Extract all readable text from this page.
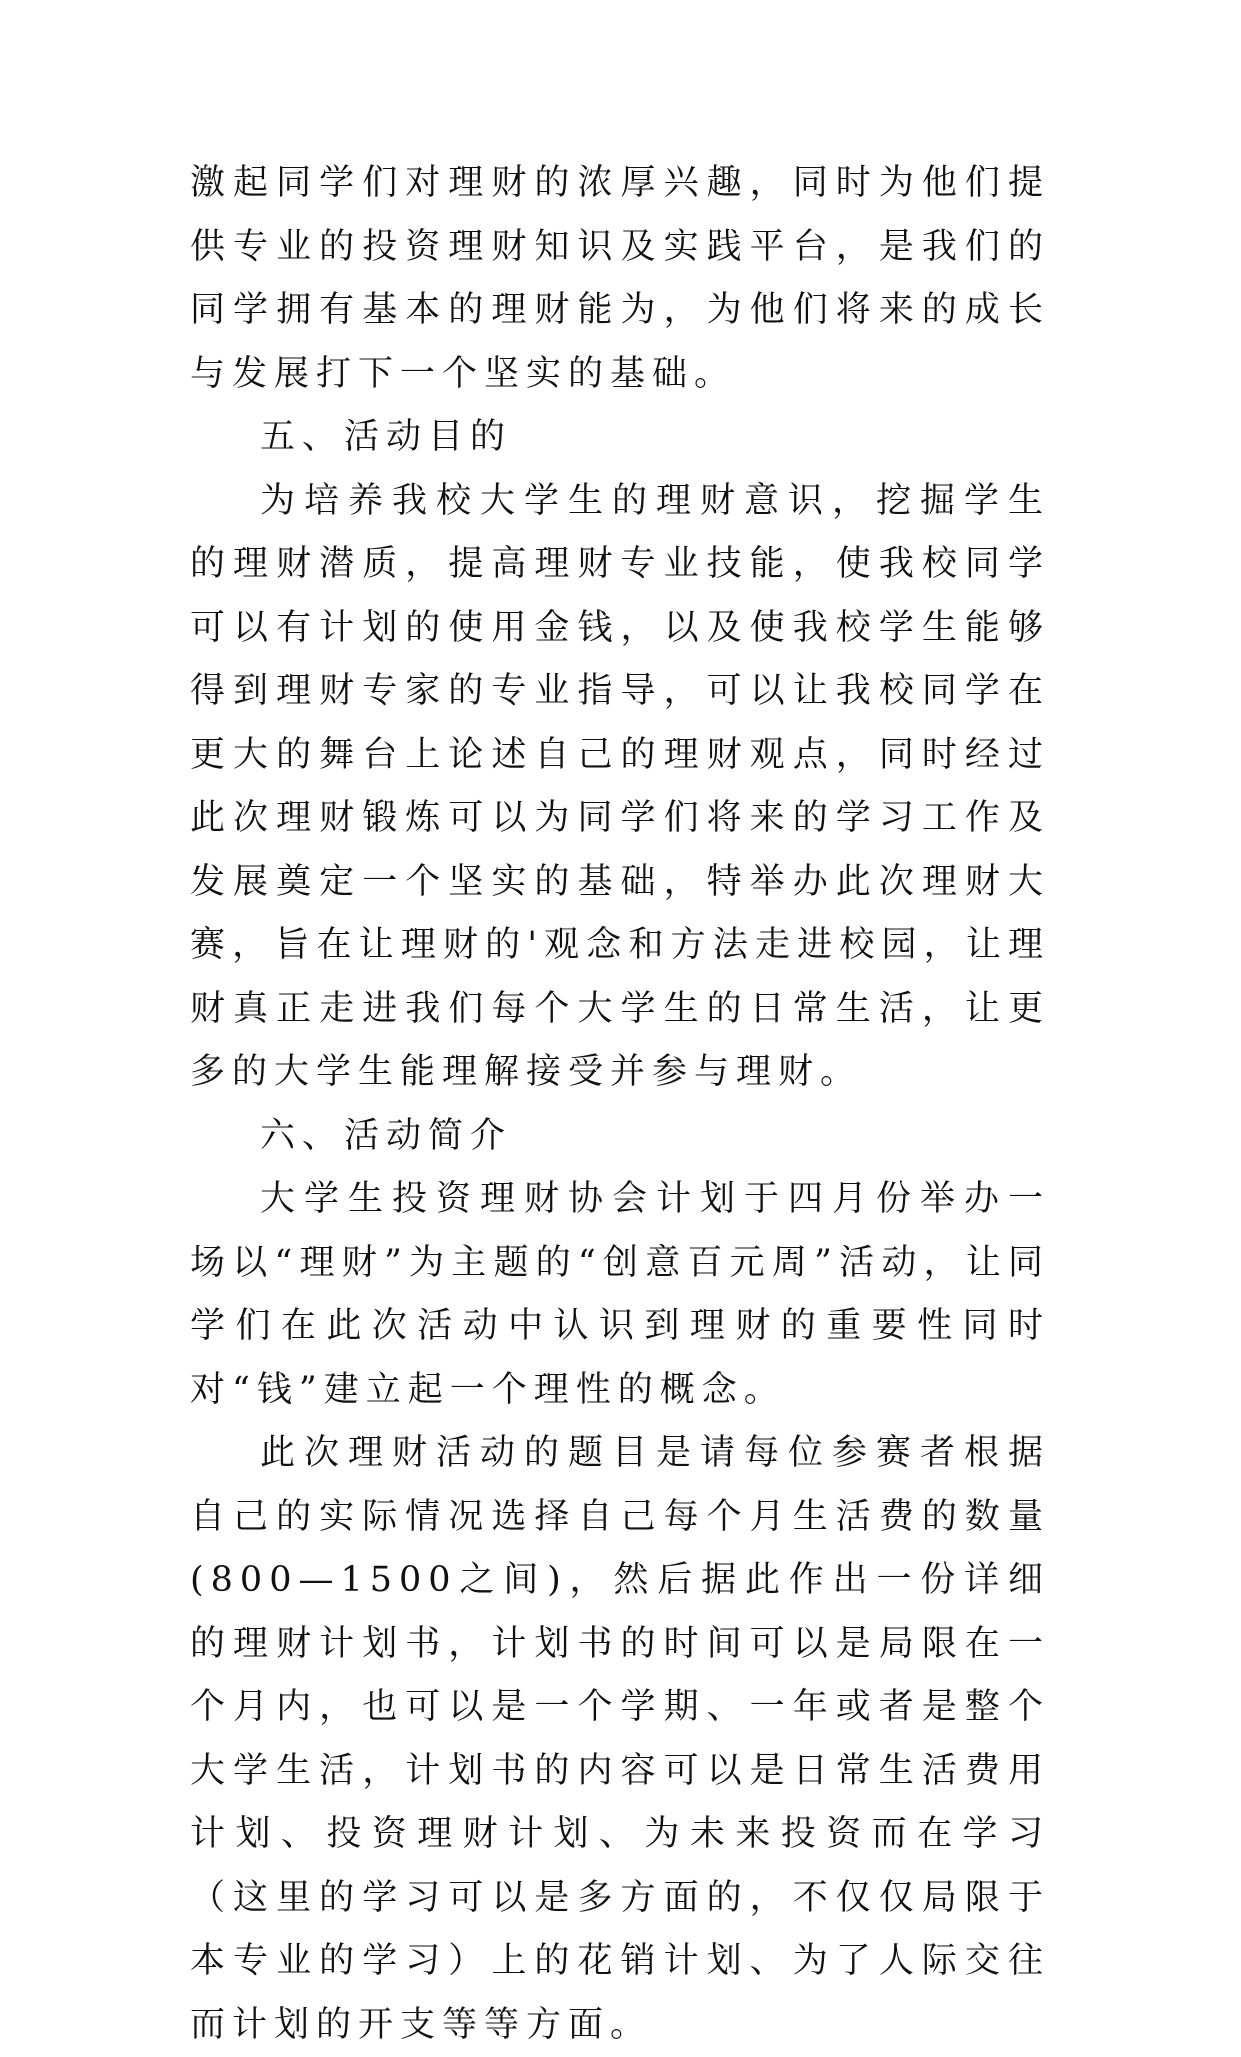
激起同学们对理财的浓厚兴趣，同时为他们提供专业的投资理财知识及实践平台，是我们的同学拥有基本的理财能为，为他们将来的成长与发展打下一个坚实的基础。

五、活动目的

为培养我校大学生的理财意识，挖掘学生的理财潜质，提高理财专业技能，使我校同学可以有计划的使用金钱，以及使我校学生能够得到理财专家的专业指导，可以让我校同学在更大的舞台上论述自己的理财观点，同时经过此次理财锻炼可以为同学们将来的学习工作及发展奠定一个坚实的基础，特举办此次理财大赛，旨在让理财的'观念和方法走进校园，让理财真正走进我们每个大学生的日常生活，让更多的大学生能理解接受并参与理财。

六、活动简介

大学生投资理财协会计划于四月份举办一场以“理财”为主题的“创意百元周”活动，让同学们在此次活动中认识到理财的重要性同时对“钱”建立起一个理性的概念。

此次理财活动的题目是请每位参赛者根据自己的实际情况选择自己每个月生活费的数量(800—1500之间)，然后据此作出一份详细的理财计划书，计划书的时间可以是局限在一个月内，也可以是一个学期、一年或者是整个大学生活，计划书的内容可以是日常生活费用计划、投资理财计划、为未来投资而在学习（这里的学习可以是多方面的，不仅仅局限于本专业的学习）上的花销计划、为了人际交往而计划的开支等等方面。
